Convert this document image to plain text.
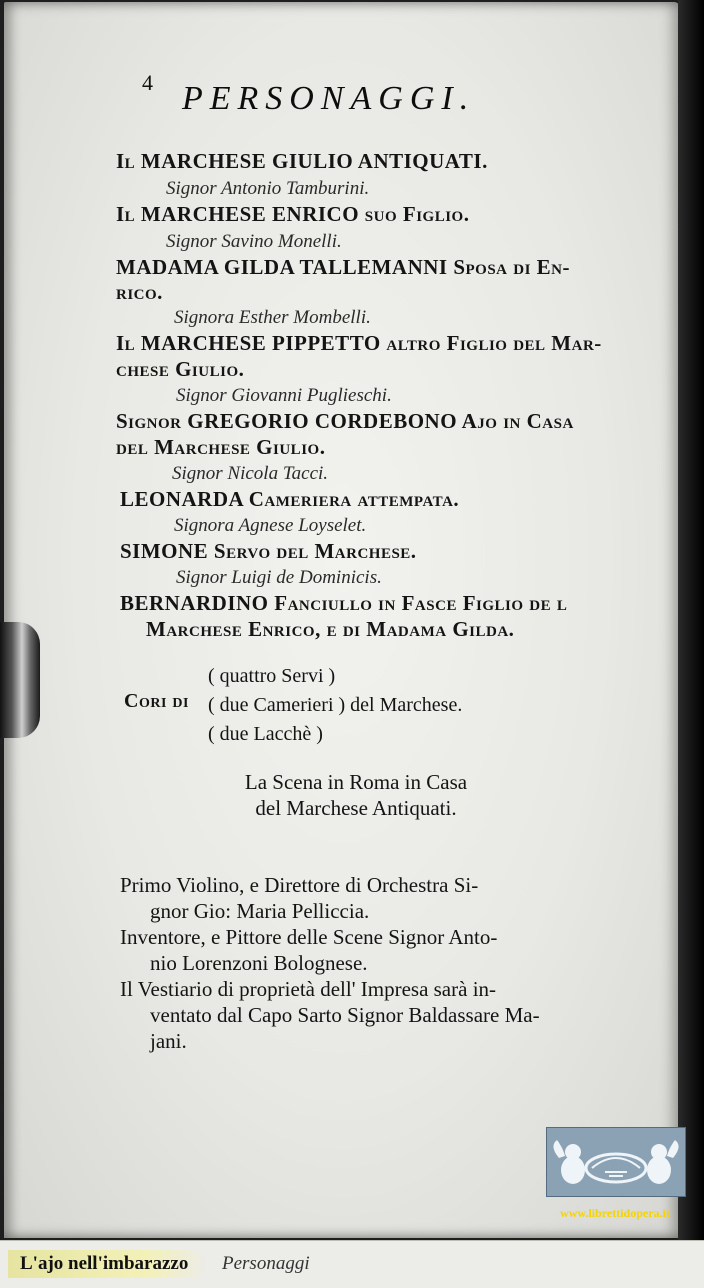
4 PERSONAGGI.
Il MARCHESE GIULIO ANTIQUATI.
Signor Antonio Tamburini.
Il MARCHESE ENRICO suo Figlio.
Signor Savino Monelli.
MADAMA GILDA TALLEMANNI Sposa di En-
rico.
Signora Esther Mombelli.
Il MARCHESE PIPPETTO altro Figlio del Mar-
chese Giulio.
Signor Giovanni Puglieschi.
Signor GREGORIO CORDEBONO Ajo in Casa
del Marchese Giulio.
Signor Nicola Tacci.
LEONARDA Cameriera attempata.
Signora Agnese Loyselet.
SIMONE Servo del Marchese.
Signor Luigi de Dominicis.
BERNARDINO Fanciullo in Fasce Figlio de l
Marchese Enrico, e di Madama Gilda.
Cori di
( quattro Servi )
( due Camerieri ) del Marchese.
( due Lacchè )
La Scena in Roma in Casa
del Marchese Antiquati.
Primo Violino, e Direttore di Orchestra Si-
gnor Gio: Maria Pelliccia.
Inventore, e Pittore delle Scene Signor Anto-
nio Lorenzoni Bolognese.
Il Vestiario di proprietà dell' Impresa sarà in-
ventato dal Capo Sarto Signor Baldassare Ma-
jani.
www.librettidopera.it
L'ajo nell'imbarazzo	Personaggi
